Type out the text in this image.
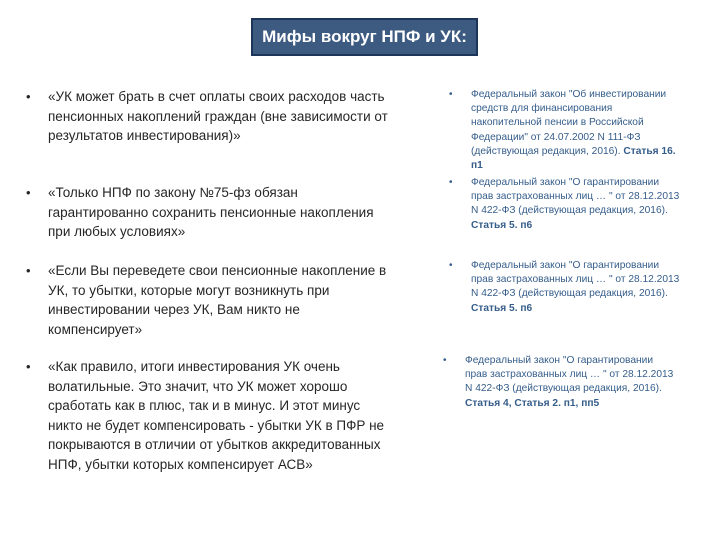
Мифы вокруг НПФ и УК:
• «УК может брать в счет оплаты своих расходов часть пенсионных накоплений граждан (вне зависимости от результатов инвестирования)»
• «Только НПФ по закону №75-фз обязан гарантированно сохранить пенсионные накопления при любых условиях»
• «Если Вы переведете свои пенсионные накопление в УК, то убытки, которые могут возникнуть при инвестировании через УК, Вам никто не компенсирует»
• «Как правило, итоги инвестирования УК очень волатильные. Это значит, что УК может хорошо сработать как в плюс, так и в минус. И этот минус никто не будет компенсировать - убытки УК в ПФР не покрываются в отличии от убытков аккредитованных НПФ, убытки которых компенсирует АСВ»
• Федеральный закон "Об инвестировании средств для финансирования накопительной пенсии в Российской Федерации" от 24.07.2002 N 111-ФЗ (действующая редакция, 2016). Статья 16. п1
• Федеральный закон "О гарантировании прав застрахованных лиц … " от 28.12.2013 N 422-ФЗ (действующая редакция, 2016). Статья 5. п6
• Федеральный закон "О гарантировании прав застрахованных лиц … " от 28.12.2013 N 422-ФЗ (действующая редакция, 2016). Статья 5. п6
• Федеральный закон "О гарантировании прав застрахованных лиц … " от 28.12.2013 N 422-ФЗ (действующая редакция, 2016). Статья 4, Статья 2. п1, пп5
